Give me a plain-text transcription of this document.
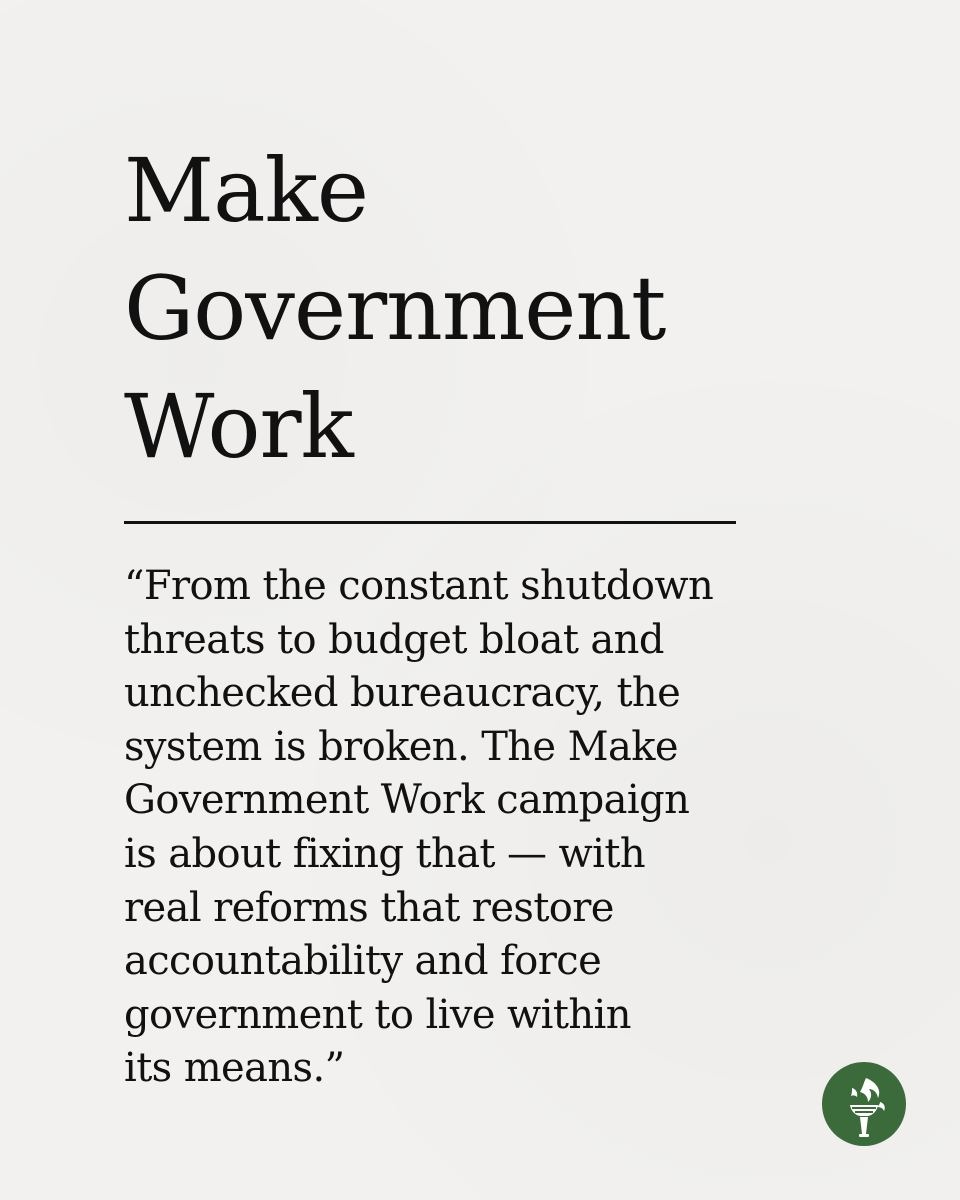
Make
Government
Work

“From the constant shutdown
threats to budget bloat and
unchecked bureaucracy, the
system is broken. The Make
Government Work campaign
is about fixing that — with
real reforms that restore
accountability and force
government to live within
its means.”
